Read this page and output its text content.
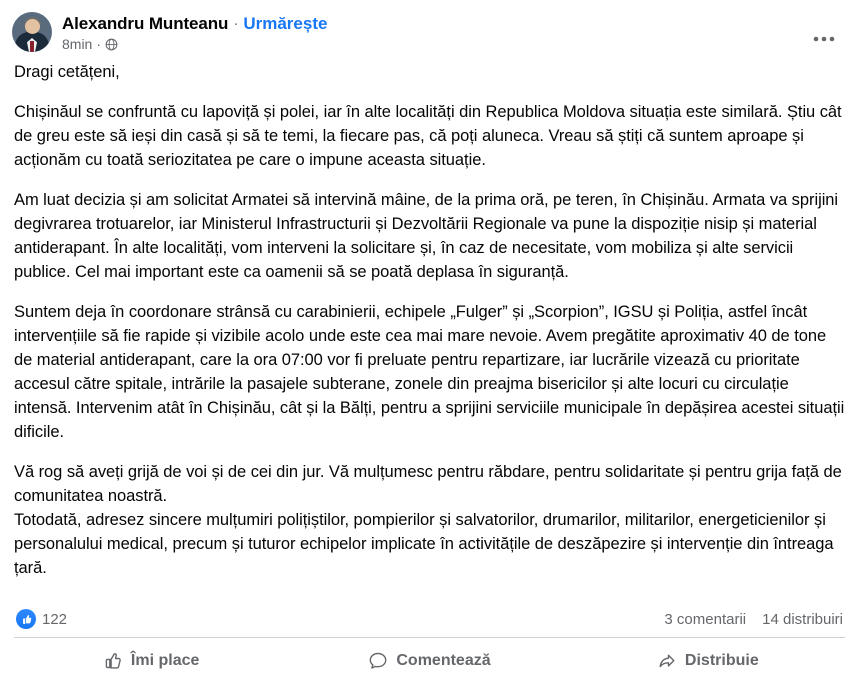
Alexandru Munteanu · Urmărește
8min ·

Dragi cetățeni,

Chișinăul se confruntă cu lapoviță și polei, iar în alte localități din Republica Moldova situația este similară. Știu cât de greu este să ieși din casă și să te temi, la fiecare pas, că poți aluneca. Vreau să știți că suntem aproape și acționăm cu toată seriozitatea pe care o impune aceasta situație.

Am luat decizia și am solicitat Armatei să intervină mâine, de la prima oră, pe teren, în Chișinău. Armata va sprijini degivrarea trotuarelor, iar Ministerul Infrastructurii și Dezvoltării Regionale va pune la dispoziție nisip și material antiderapant. În alte localități, vom interveni la solicitare și, în caz de necesitate, vom mobiliza și alte servicii publice. Cel mai important este ca oamenii să se poată deplasa în siguranță.

Suntem deja în coordonare strânsă cu carabinierii, echipele „Fulger” și „Scorpion”, IGSU și Poliția, astfel încât intervențiile să fie rapide și vizibile acolo unde este cea mai mare nevoie. Avem pregătite aproximativ 40 de tone de material antiderapant, care la ora 07:00 vor fi preluate pentru repartizare, iar lucrările vizează cu prioritate accesul către spitale, intrările la pasajele subterane, zonele din preajma bisericilor și alte locuri cu circulație intensă. Intervenim atât în Chișinău, cât și la Bălți, pentru a sprijini serviciile municipale în depășirea acestei situații dificile.

Vă rog să aveți grijă de voi și de cei din jur. Vă mulțumesc pentru răbdare, pentru solidaritate și pentru grija față de comunitatea noastră.

Totodată, adresez sincere mulțumiri polițiștilor, pompierilor și salvatorilor, drumarilor, militarilor, energeticienilor și personalului medical, precum și tuturor echipelor implicate în activitățile de deszăpezire și intervenție din întreaga țară.

122	3 comentarii 14 distribuiri
Îmi place	Comentează	Distribuie
